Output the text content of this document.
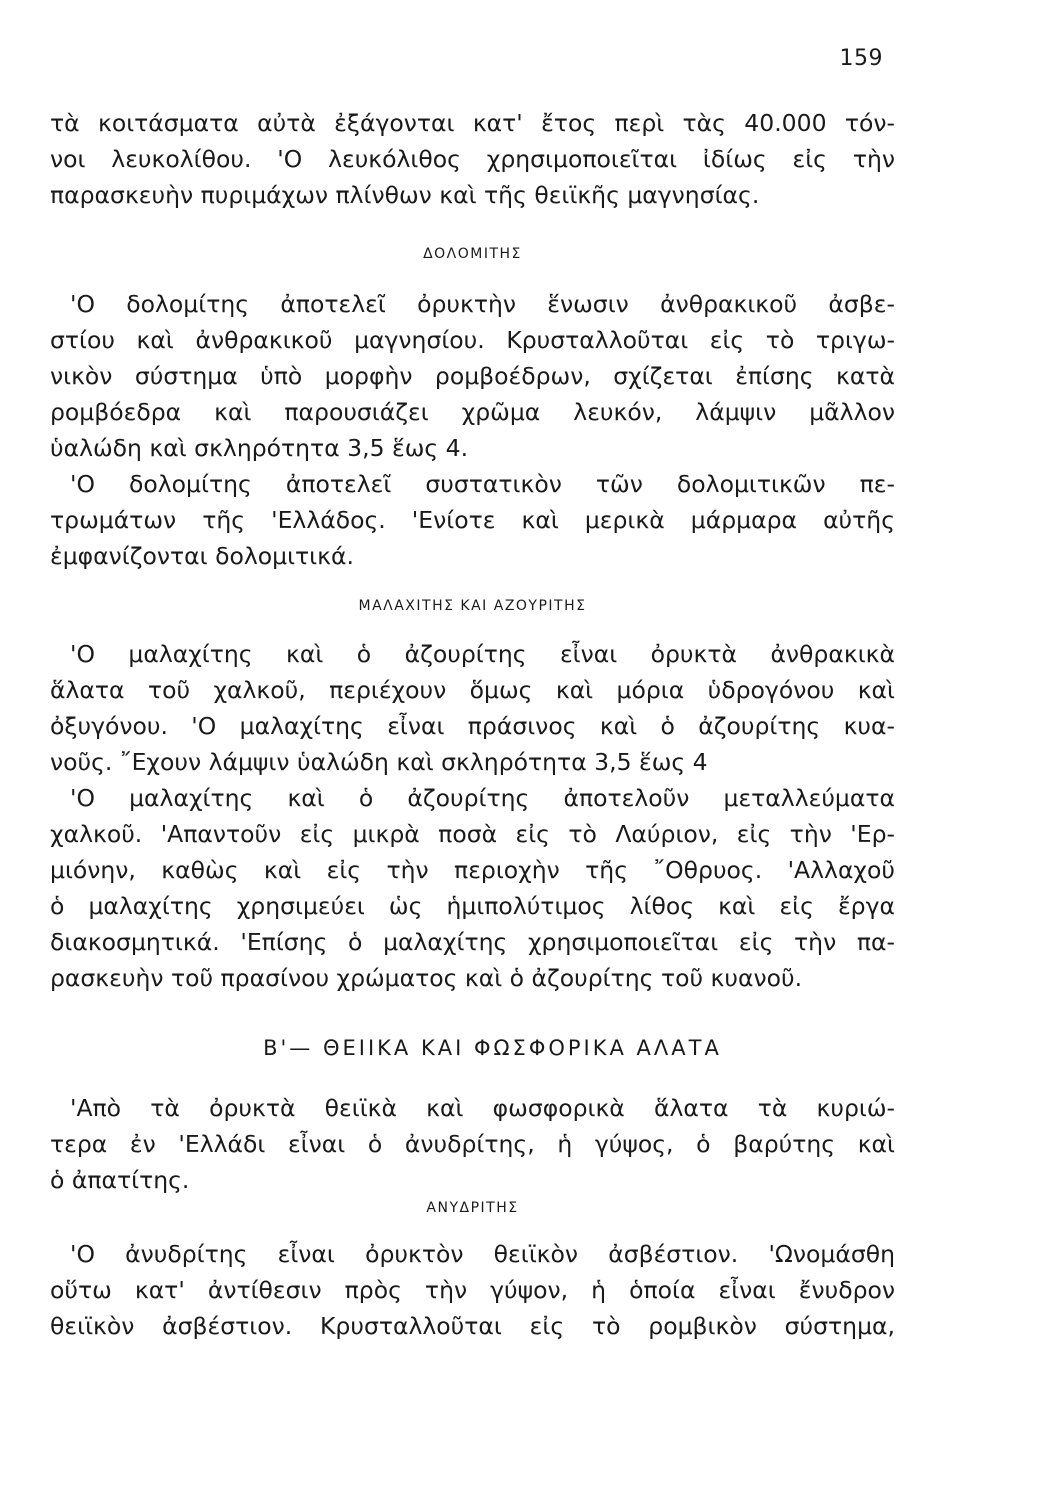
159
τὰ κοιτάσματα αὐτὰ ἐξάγονται κατ' ἔτος περὶ τὰς 40.000 τόν-
νοι λευκολίθου. 'Ο λευκόλιθος χρησιμοποιεῖται ἰδίως εἰς τὴν
παρασκευὴν πυριμάχων πλίνθων καὶ τῆς θειϊκῆς μαγνησίας.
ΔΟΛΟΜΙΤΗΣ
'Ο δολομίτης ἀποτελεῖ ὀρυκτὴν ἕνωσιν ἀνθρακικοῦ ἀσβε-
στίου καὶ ἀνθρακικοῦ μαγνησίου. Κρυσταλλοῦται εἰς τὸ τριγω-
νικὸν σύστημα ὑπὸ μορφὴν ρομβοέδρων, σχίζεται ἐπίσης κατὰ
ρομβόεδρα καὶ παρουσιάζει χρῶμα λευκόν, λάμψιν μᾶλλον
ὑαλώδη καὶ σκληρότητα 3,5 ἕως 4.
'Ο δολομίτης ἀποτελεῖ συστατικὸν τῶν δολομιτικῶν πε-
τρωμάτων τῆς 'Ελλάδος. 'Ενίοτε καὶ μερικὰ μάρμαρα αὐτῆς
ἐμφανίζονται δολομιτικά.
ΜΑΛΑΧΙΤΗΣ ΚΑΙ ΑΖΟΥΡΙΤΗΣ
'Ο μαλαχίτης καὶ ὁ ἀζουρίτης εἶναι ὀρυκτὰ ἀνθρακικὰ
ἅλατα τοῦ χαλκοῦ, περιέχουν ὅμως καὶ μόρια ὑδρογόνου καὶ
ὀξυγόνου. 'Ο μαλαχίτης εἶναι πράσινος καὶ ὁ ἀζουρίτης κυα-
νοῦς. ῎Εχουν λάμψιν ὑαλώδη καὶ σκληρότητα 3,5 ἕως 4
'Ο μαλαχίτης καὶ ὁ ἀζουρίτης ἀποτελοῦν μεταλλεύματα
χαλκοῦ. 'Απαντοῦν εἰς μικρὰ ποσὰ εἰς τὸ Λαύριον, εἰς τὴν 'Ερ-
μιόνην, καθὼς καὶ εἰς τὴν περιοχὴν τῆς ῎Οθρυος. 'Αλλαχοῦ
ὁ μαλαχίτης χρησιμεύει ὡς ἡμιπολύτιμος λίθος καὶ εἰς ἔργα
διακοσμητικά. 'Επίσης ὁ μαλαχίτης χρησιμοποιεῖται εἰς τὴν πα-
ρασκευὴν τοῦ πρασίνου χρώματος καὶ ὁ ἀζουρίτης τοῦ κυανοῦ.
B'— ΘΕΙΙΚΑ ΚΑΙ ΦΩΣΦΟΡΙΚΑ ΑΛΑΤΑ
'Απὸ τὰ ὀρυκτὰ θειϊκὰ καὶ φωσφορικὰ ἅλατα τὰ κυριώ-
τερα ἐν 'Ελλάδι εἶναι ὁ ἀνυδρίτης, ἡ γύψος, ὁ βαρύτης καὶ
ὁ ἀπατίτης.
ΑΝΥΔΡΙΤΗΣ
'Ο ἀνυδρίτης εἶναι ὀρυκτὸν θειϊκὸν ἀσβέστιον. 'Ωνομάσθη
οὕτω κατ' ἀντίθεσιν πρὸς τὴν γύψον, ἡ ὁποία εἶναι ἔνυδρον
θειϊκὸν ἀσβέστιον. Κρυσταλλοῦται εἰς τὸ ρομβικὸν σύστημα,
